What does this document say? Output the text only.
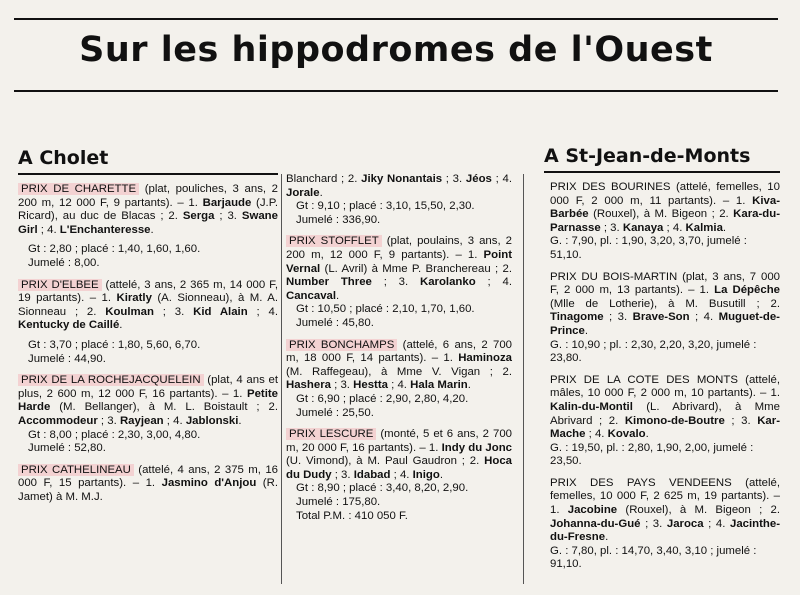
Sur les hippodromes de l'Ouest
A Cholet
PRIX DE CHARETTE (plat, pouliches, 3 ans, 2 200 m, 12 000 F, 9 partants). – 1. Barjaude (J.P. Ricard), au duc de Blacas ; 2. Serga ; 3. Swane Girl ; 4. L'Enchanteresse.
Gt : 2,80 ; placé : 1,40, 1,60, 1,60.
Jumelé : 8,00.
PRIX D'ELBEE (attelé, 3 ans, 2 365 m, 14 000 F, 19 partants). – 1. Kiratly (A. Sionneau), à M. A. Sionneau ; 2. Koulman ; 3. Kid Alain ; 4. Kentucky de Caillé.
Gt : 3,70 ; placé : 1,80, 5,60, 6,70.
Jumelé : 44,90.
PRIX DE LA ROCHEJACQUELEIN (plat, 4 ans et plus, 2 600 m, 12 000 F, 16 partants). – 1. Petite Harde (M. Bellanger), à M. L. Boistault ; 2. Accommodeur ; 3. Rayjean ; 4. Jablonski.
Gt : 8,00 ; placé : 2,30, 3,00, 4,80.
Jumelé : 52,80.
PRIX CATHELINEAU (attelé, 4 ans, 2 375 m, 16 000 F, 15 partants). – 1. Jasmino d'Anjou (R. Jamet) à M. M.J.
Blanchard ; 2. Jiky Nonantais ; 3. Jéos ; 4. Jorale.
Gt : 9,10 ; placé : 3,10, 15,50, 2,30.
Jumelé : 336,90.
PRIX STOFFLET (plat, poulains, 3 ans, 2 200 m, 12 000 F, 9 partants). – 1. Point Vernal (L. Avril) à Mme P. Branchereau ; 2. Number Three ; 3. Karolanko ; 4. Cancaval.
Gt : 10,50 ; placé : 2,10, 1,70, 1,60.
Jumelé : 45,80.
PRIX BONCHAMPS (attelé, 6 ans, 2 700 m, 18 000 F, 14 partants). – 1. Haminoza (M. Raffegeau), à Mme V. Vigan ; 2. Hashera ; 3. Hestta ; 4. Hala Marin.
Gt : 6,90 ; placé : 2,90, 2,80, 4,20.
Jumelé : 25,50.
PRIX LESCURE (monté, 5 et 6 ans, 2 700 m, 20 000 F, 16 partants). – 1. Indy du Jonc (U. Vimond), à M. Paul Gaudron ; 2. Hoca du Dudy ; 3. Idabad ; 4. Inigo.
Gt : 8,90 ; placé : 3,40, 8,20, 2,90.
Jumelé : 175,80.
Total P.M. : 410 050 F.
A St-Jean-de-Monts
PRIX DES BOURINES (attelé, femelles, 10 000 F, 2 000 m, 11 partants). – 1. Kiva-Barbée (Rouxel), à M. Bigeon ; 2. Kara-du-Parnasse ; 3. Kanaya ; 4. Kalmia.
G. : 7,90, pl. : 1,90, 3,20, 3,70, jumelé : 51,10.
PRIX DU BOIS-MARTIN (plat, 3 ans, 7 000 F, 2 000 m, 13 partants). – 1. La Dépêche (Mlle de Lotherie), à M. Busutill ; 2. Tinagome ; 3. Brave-Son ; 4. Muguet-de-Prince.
G. : 10,90 ; pl. : 2,30, 2,20, 3,20, jumelé : 23,80.
PRIX DE LA COTE DES MONTS (attelé, mâles, 10 000 F, 2 000 m, 10 partants). – 1. Kalin-du-Montil (L. Abrivard), à Mme Abrivard ; 2. Kimono-de-Boutre ; 3. Kar-Mache ; 4. Kovalo.
G. : 19,50, pl. : 2,80, 1,90, 2,00, jumelé : 23,50.
PRIX DES PAYS VENDEENS (attelé, femelles, 10 000 F, 2 625 m, 19 partants). – 1. Jacobine (Rouxel), à M. Bigeon ; 2. Johanna-du-Gué ; 3. Jaroca ; 4. Jacinthe-du-Fresne.
G. : 7,80, pl. : 14,70, 3,40, 3,10 ; jumelé : 91,10.
